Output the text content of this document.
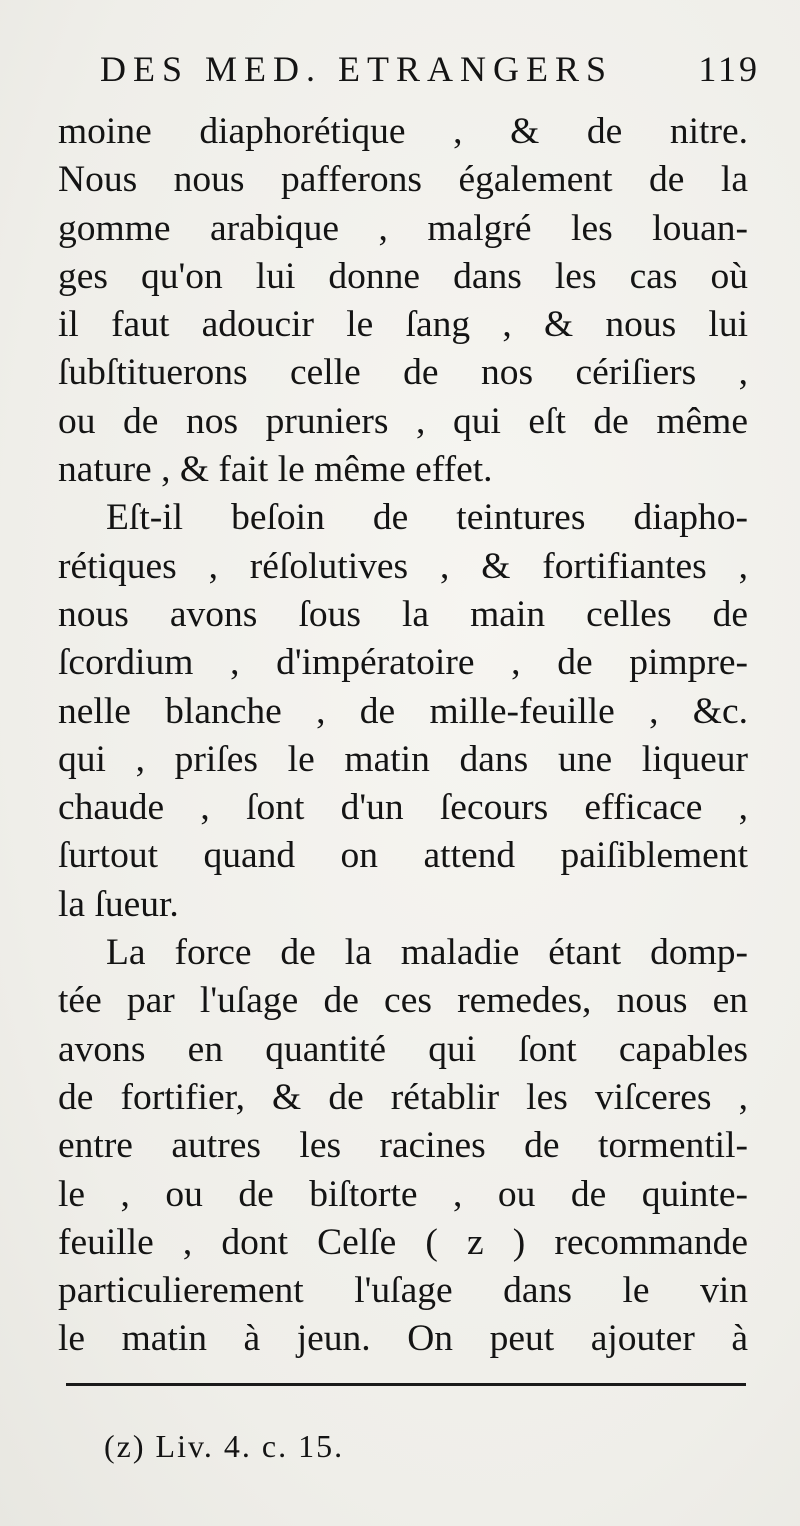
DES MED. ETRANGERS 119
moine diaphorétique , & de nitre.
Nous nous pafferons également de la
gomme arabique , malgré les louan-
ges qu'on lui donne dans les cas où
il faut adoucir le ſang , & nous lui
ſubſtituerons celle de nos cériſiers ,
ou de nos pruniers , qui eſt de même
nature , & fait le même effet.
Eſt-il beſoin de teintures diapho-
rétiques , réſolutives , & fortifiantes ,
nous avons ſous la main celles de
ſcordium , d'impératoire , de pimpre-
nelle blanche , de mille-feuille , &c.
qui , priſes le matin dans une liqueur
chaude , ſont d'un ſecours efficace ,
ſurtout quand on attend paiſiblement
la ſueur.
La force de la maladie étant domp-
tée par l'uſage de ces remedes, nous en
avons en quantité qui ſont capables
de fortifier, & de rétablir les viſceres ,
entre autres les racines de tormentil-
le , ou de biſtorte , ou de quinte-
feuille , dont Celſe ( z ) recommande
particulierement l'uſage dans le vin
le matin à jeun. On peut ajouter à
(z) Liv. 4. c. 15.
